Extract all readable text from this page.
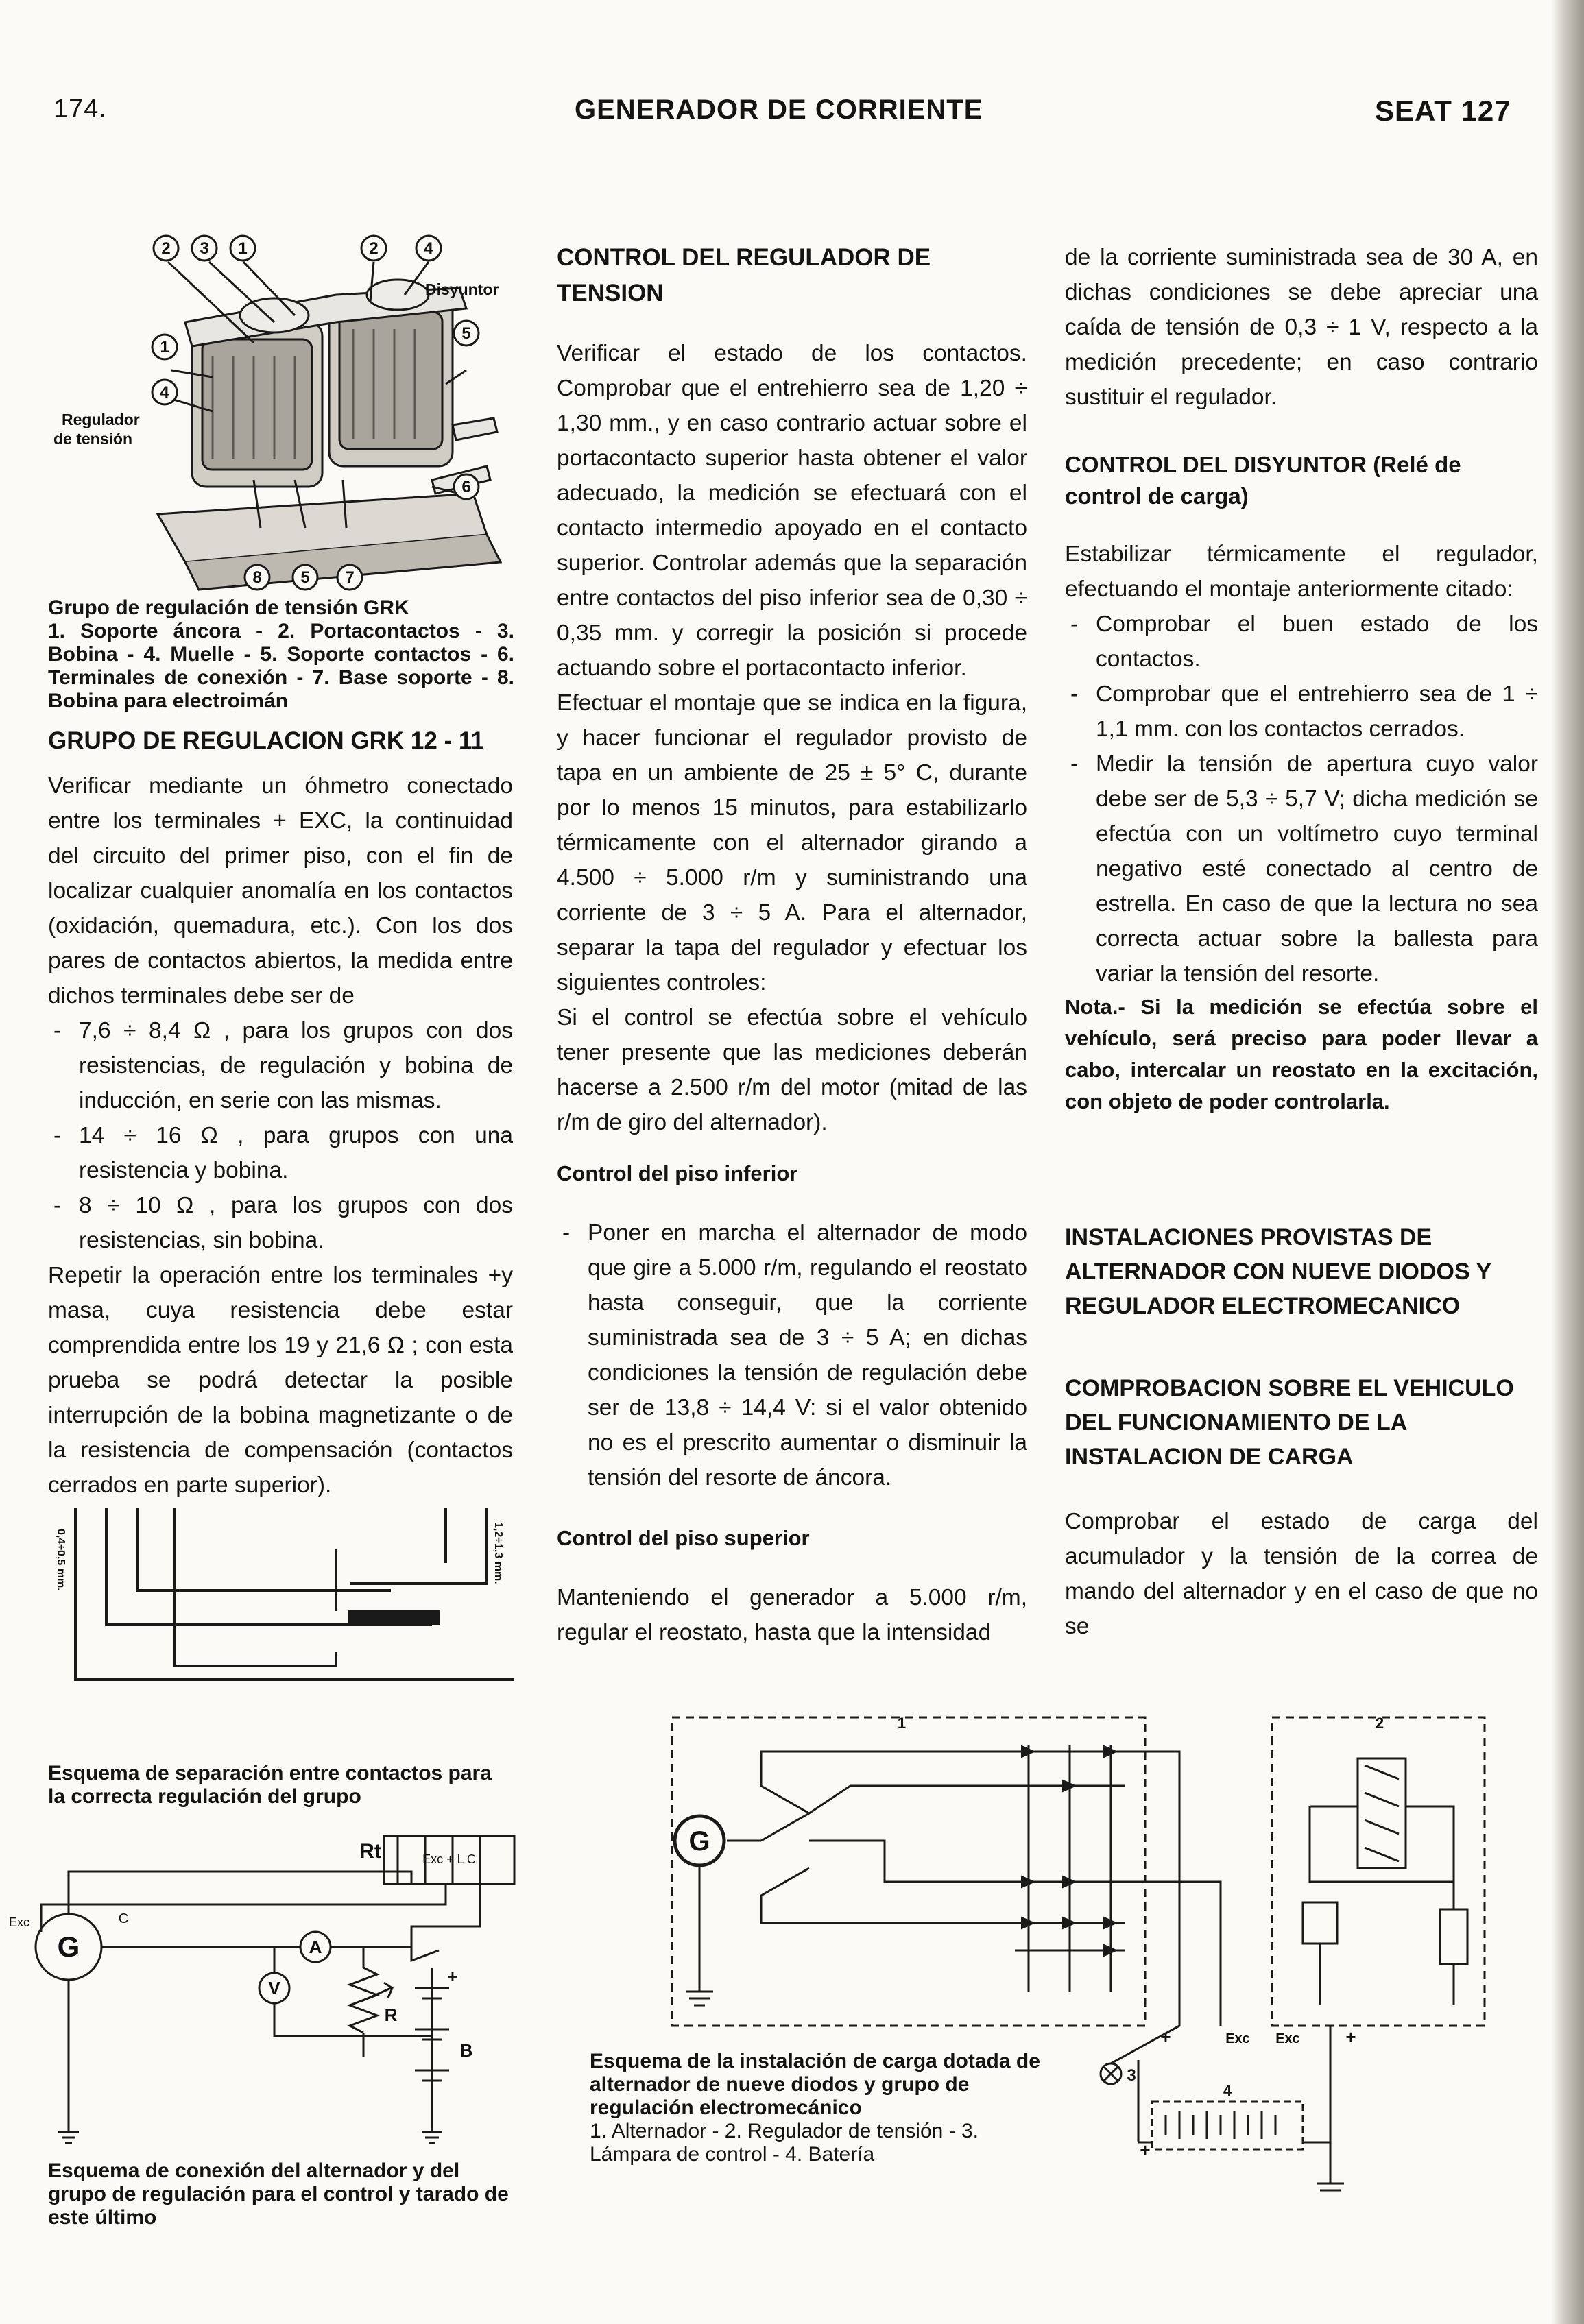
174.	GENERADOR DE CORRIENTE	SEAT 127
2 3 1	2	4
5
1
4
6
8 5 7
Disyuntor
Regulador
de tensión
Grupo de regulación de tensión GRK
1. Soporte áncora - 2. Portacontactos - 3. Bobina - 4. Muelle - 5. Soporte contactos - 6. Terminales de conexión - 7. Base soporte - 8. Bobina para electroimán
GRUPO DE REGULACION GRK 12 - 11

Verificar mediante un óhmetro conectado entre los terminales + EXC, la continuidad del circuito del primer piso, con el fin de localizar cualquier anomalía en los contactos (oxidación, quemadura, etc.). Con los dos pares de contactos abiertos, la medida entre dichos terminales debe ser de

- 7,6 ÷ 8,4 Ω , para los grupos con dos resistencias, de regulación y bobina de inducción, en serie con las mismas.

- 14 ÷ 16 Ω , para grupos con una resistencia y bobina.

- 8 ÷ 10 Ω , para los grupos con dos resistencias, sin bobina.

Repetir la operación entre los terminales +y masa, cuya resistencia debe estar comprendida entre los 19 y 21,6 Ω ; con esta prueba se podrá detectar la posible interrupción de la bobina magnetizante o de la resistencia de compensación (contactos cerrados en parte superior).

0,4÷0,5 mm.	1,2÷1,3 mm.
Esquema de separación entre contactos para la correcta regulación del grupo
Rt	Exc + L C
Exc	C
G	A
V
R
B
+
Esquema de conexión del alternador y del grupo de regulación para el control y tarado de este último
CONTROL DEL REGULADOR DE TENSION

Verificar el estado de los contactos. Comprobar que el entrehierro sea de 1,20 ÷ 1,30 mm., y en caso contrario actuar sobre el portacontacto superior hasta obtener el valor adecuado, la medición se efectuará con el contacto intermedio apoyado en el contacto superior. Controlar además que la separación entre contactos del piso inferior sea de 0,30 ÷ 0,35 mm. y corregir la posición si procede actuando sobre el portacontacto inferior.

Efectuar el montaje que se indica en la figura, y hacer funcionar el regulador provisto de tapa en un ambiente de 25 ± 5° C, durante por lo menos 15 minutos, para estabilizarlo térmicamente con el alternador girando a 4.500 ÷ 5.000 r/m y suministrando una corriente de 3 ÷ 5 A. Para el alternador, separar la tapa del regulador y efectuar los siguientes controles:

Si el control se efectúa sobre el vehículo tener presente que las mediciones deberán hacerse a 2.500 r/m del motor (mitad de las r/m de giro del alternador).

Control del piso inferior

- Poner en marcha el alternador de modo que gire a 5.000 r/m, regulando el reostato hasta conseguir, que la corriente suministrada sea de 3 ÷ 5 A; en dichas condiciones la tensión de regulación debe ser de 13,8 ÷ 14,4 V: si el valor obtenido no es el prescrito aumentar o disminuir la tensión del resorte de áncora.

Control del piso superior

Manteniendo el generador a 5.000 r/m, regular el reostato, hasta que la intensidad

de la corriente suministrada sea de 30 A, en dichas condiciones se debe apreciar una caída de tensión de 0,3 ÷ 1 V, respecto a la medición precedente; en caso contrario sustituir el regulador.

CONTROL DEL DISYUNTOR (Relé de control de carga)

Estabilizar térmicamente el regulador, efectuando el montaje anteriormente citado:

- Comprobar el buen estado de los contactos.

- Comprobar que el entrehierro sea de 1 ÷ 1,1 mm. con los contactos cerrados.

- Medir la tensión de apertura cuyo valor debe ser de 5,3 ÷ 5,7 V; dicha medición se efectúa con un voltímetro cuyo terminal negativo esté conectado al centro de estrella. En caso de que la lectura no sea correcta actuar sobre la ballesta para variar la tensión del resorte.

Nota.- Si la medición se efectúa sobre el vehículo, será preciso para poder llevar a cabo, intercalar un reostato en la excitación, con objeto de poder controlarla.

INSTALACIONES PROVISTAS DE ALTERNADOR CON NUEVE DIODOS Y REGULADOR ELECTROMECANICO
COMPROBACION SOBRE EL VEHICULO DEL FUNCIONAMIENTO DE LA INSTALACION DE CARGA

Comprobar el estado de carga del acumulador y la tensión de la correa de mando del alternador y en el caso de que no se

1	2
3
4
G
Exc Exc
+	+
+
Esquema de la instalación de carga dotada de alternador de nueve diodos y grupo de regulación electromecánico
1. Alternador - 2. Regulador de tensión - 3. Lámpara de control - 4. Batería
